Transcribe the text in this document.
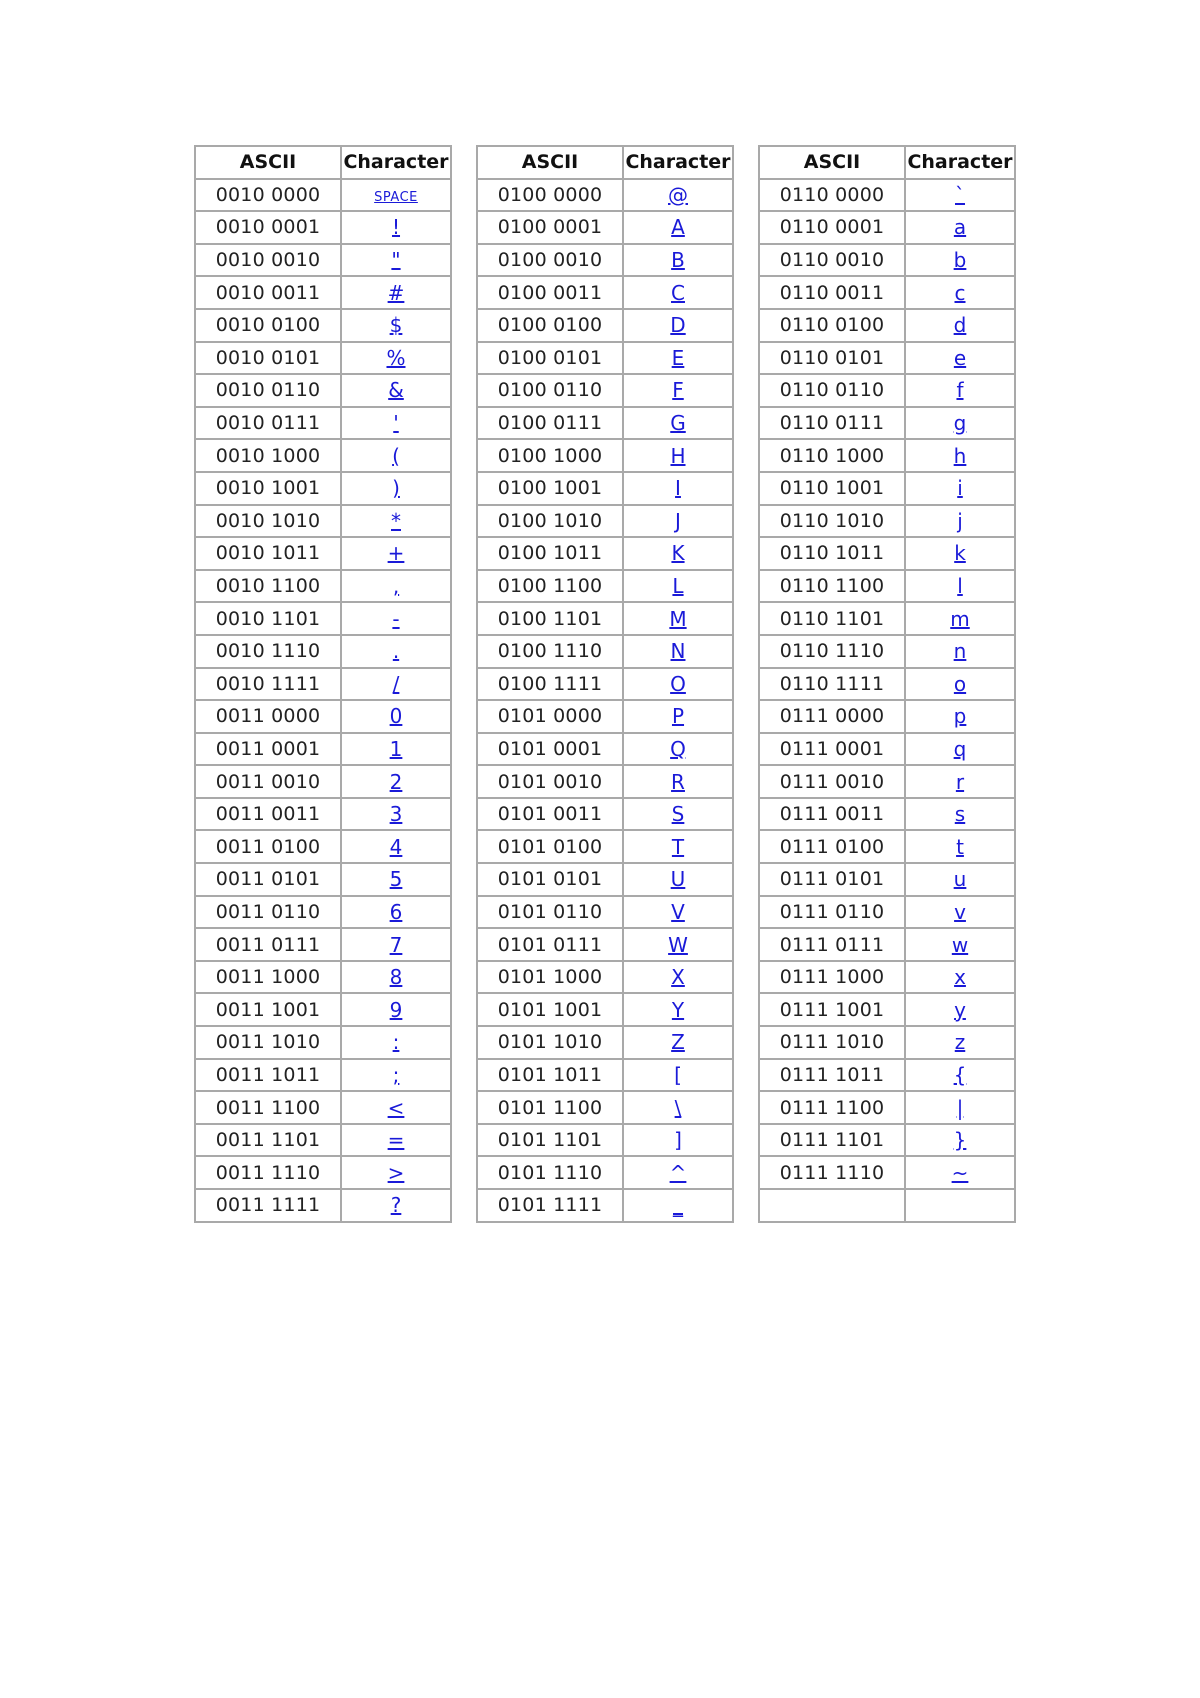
ASCII	Character
0010 0000	SPACE
0010 0001	!
0010 0010	"
0010 0011	#
0010 0100	$
0010 0101	%
0010 0110	&
0010 0111	'
0010 1000	(
0010 1001	)
0010 1010	*
0010 1011	+
0010 1100	,
0010 1101	-
0010 1110	.
0010 1111	/
0011 0000	0
0011 0001	1
0011 0010	2
0011 0011	3
0011 0100	4
0011 0101	5
0011 0110	6
0011 0111	7
0011 1000	8
0011 1001	9
0011 1010	:
0011 1011	;
0011 1100	<
0011 1101	=
0011 1110	>
0011 1111	?
ASCII	Character
0100 0000	@
0100 0001	A
0100 0010	B
0100 0011	C
0100 0100	D
0100 0101	E
0100 0110	F
0100 0111	G
0100 1000	H
0100 1001	I
0100 1010	J
0100 1011	K
0100 1100	L
0100 1101	M
0100 1110	N
0100 1111	O
0101 0000	P
0101 0001	Q
0101 0010	R
0101 0011	S
0101 0100	T
0101 0101	U
0101 0110	V
0101 0111	W
0101 1000	X
0101 1001	Y
0101 1010	Z
0101 1011	[
0101 1100	\
0101 1101	]
0101 1110	^
0101 1111	_
ASCII	Character
0110 0000	`
0110 0001	a
0110 0010	b
0110 0011	c
0110 0100	d
0110 0101	e
0110 0110	f
0110 0111	g
0110 1000	h
0110 1001	i
0110 1010	j
0110 1011	k
0110 1100	l
0110 1101	m
0110 1110	n
0110 1111	o
0111 0000	p
0111 0001	q
0111 0010	r
0111 0011	s
0111 0100	t
0111 0101	u
0111 0110	v
0111 0111	w
0111 1000	x
0111 1001	y
0111 1010	z
0111 1011	{
0111 1100	|
0111 1101	}
0111 1110	~
